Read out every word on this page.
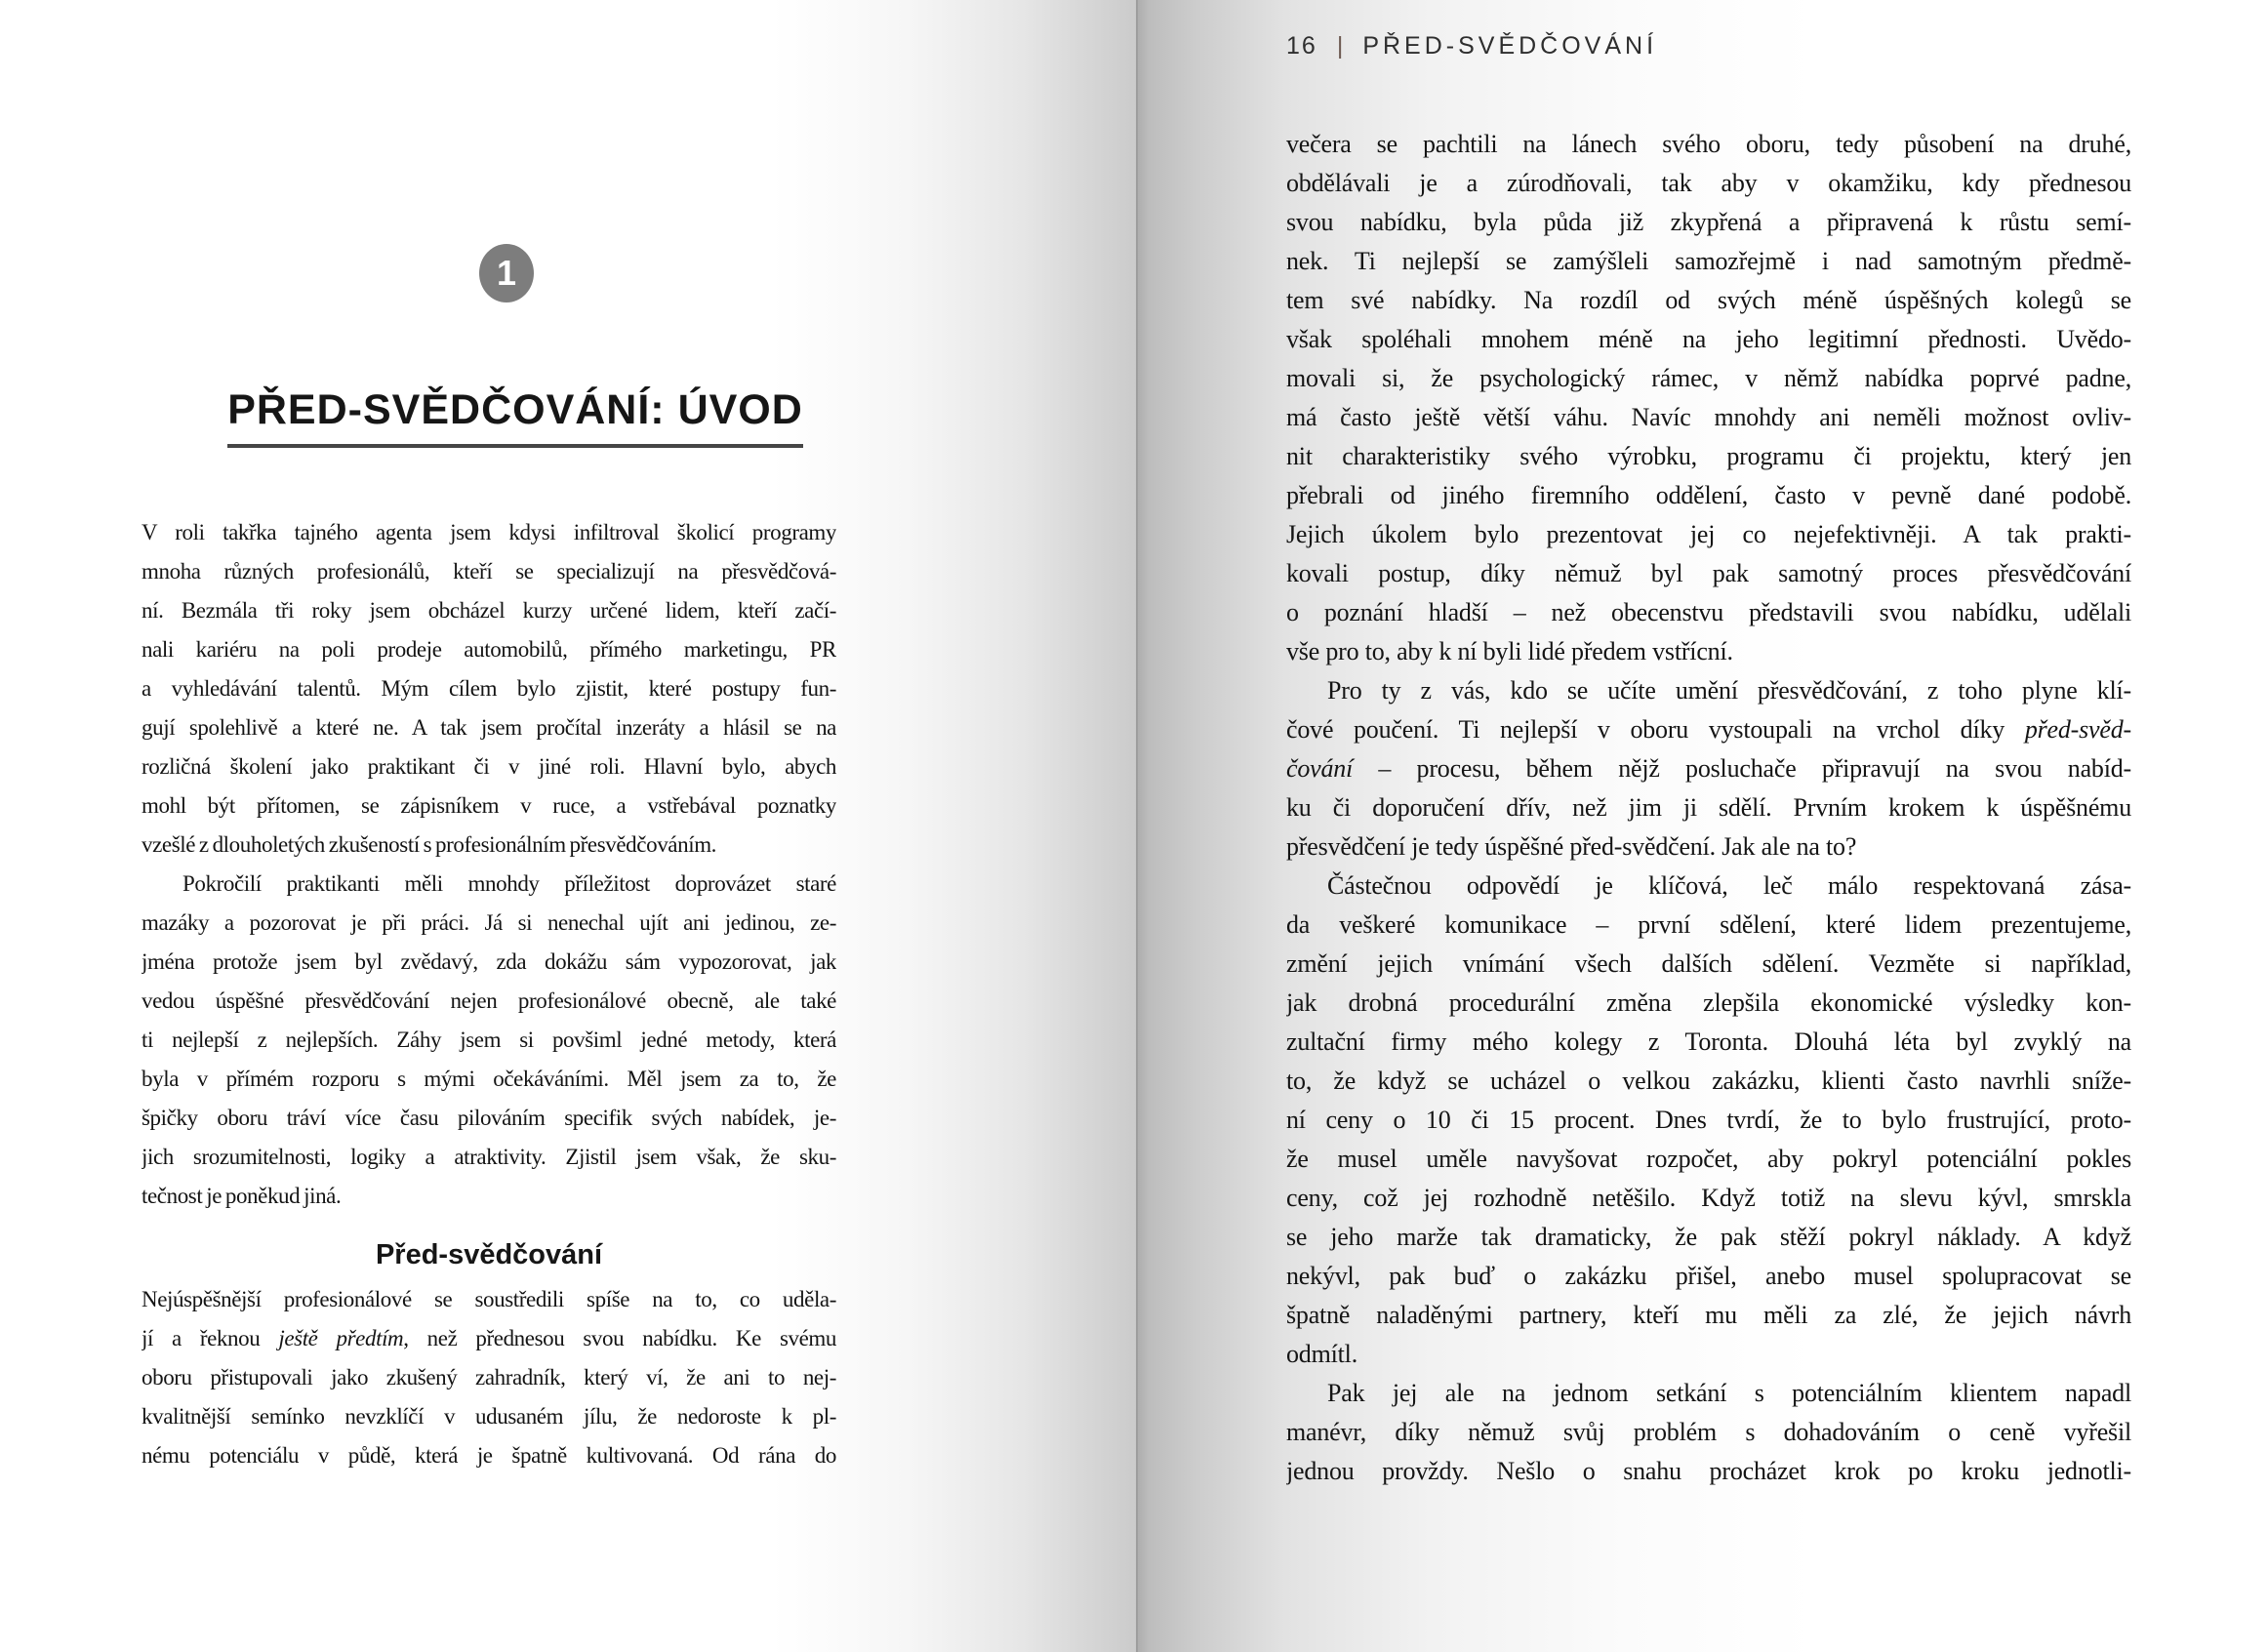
1
PŘED-SVĚDČOVÁNÍ: ÚVOD
V roli takřka tajného agenta jsem kdysi infiltroval školicí programy
mnoha různých profesionálů, kteří se specializují na přesvědčová-
ní. Bezmála tři roky jsem obcházel kurzy určené lidem, kteří začí-
nali kariéru na poli prodeje automobilů, přímého marketingu, PR
a vyhledávání talentů. Mým cílem bylo zjistit, které postupy fun-
gují spolehlivě a které ne. A tak jsem pročítal inzeráty a hlásil se na
rozličná školení jako praktikant či v jiné roli. Hlavní bylo, abych
mohl být přítomen, se zápisníkem v ruce, a vstřebával poznatky
vzešlé z dlouholetých zkušeností s profesionálním přesvědčováním.
Pokročilí praktikanti měli mnohdy příležitost doprovázet staré
mazáky a pozorovat je při práci. Já si nenechal ujít ani jedinou, ze-
jména protože jsem byl zvědavý, zda dokážu sám vypozorovat, jak
vedou úspěšné přesvědčování nejen profesionálové obecně, ale také
ti nejlepší z nejlepších. Záhy jsem si povšiml jedné metody, která
byla v přímém rozporu s mými očekáváními. Měl jsem za to, že
špičky oboru tráví více času pilováním specifik svých nabídek, je-
jich srozumitelnosti, logiky a atraktivity. Zjistil jsem však, že sku-
tečnost je poněkud jiná.
Před-svědčování
Nejúspěšnější profesionálové se soustředili spíše na to, co uděla-
jí a řeknou ještě předtím, než přednesou svou nabídku. Ke svému
oboru přistupovali jako zkušený zahradník, který ví, že ani to nej-
kvalitnější semínko nevzklíčí v udusaném jílu, že nedoroste k pl-
nému potenciálu v půdě, která je špatně kultivovaná. Od rána do
16 | PŘED-SVĚDČOVÁNÍ
večera se pachtili na lánech svého oboru, tedy působení na druhé,
obdělávali je a zúrodňovali, tak aby v okamžiku, kdy přednesou
svou nabídku, byla půda již zkypřená a připravená k růstu semí-
nek. Ti nejlepší se zamýšleli samozřejmě i nad samotným předmě-
tem své nabídky. Na rozdíl od svých méně úspěšných kolegů se
však spoléhali mnohem méně na jeho legitimní přednosti. Uvědo-
movali si, že psychologický rámec, v němž nabídka poprvé padne,
má často ještě větší váhu. Navíc mnohdy ani neměli možnost ovliv-
nit charakteristiky svého výrobku, programu či projektu, který jen
přebrali od jiného firemního oddělení, často v pevně dané podobě.
Jejich úkolem bylo prezentovat jej co nejefektivněji. A tak prakti-
kovali postup, díky němuž byl pak samotný proces přesvědčování
o poznání hladší – než obecenstvu představili svou nabídku, udělali
vše pro to, aby k ní byli lidé předem vstřícní.
Pro ty z vás, kdo se učíte umění přesvědčování, z toho plyne klí-
čové poučení. Ti nejlepší v oboru vystoupali na vrchol díky před-svěd-
čování – procesu, během nějž posluchače připravují na svou nabíd-
ku či doporučení dřív, než jim ji sdělí. Prvním krokem k úspěšnému
přesvědčení je tedy úspěšné před-svědčení. Jak ale na to?
Částečnou odpovědí je klíčová, leč málo respektovaná zása-
da veškeré komunikace – první sdělení, které lidem prezentujeme,
změní jejich vnímání všech dalších sdělení. Vezměte si například,
jak drobná procedurální změna zlepšila ekonomické výsledky kon-
zultační firmy mého kolegy z Toronta. Dlouhá léta byl zvyklý na
to, že když se ucházel o velkou zakázku, klienti často navrhli sníže-
ní ceny o 10 či 15 procent. Dnes tvrdí, že to bylo frustrující, proto-
že musel uměle navyšovat rozpočet, aby pokryl potenciální pokles
ceny, což jej rozhodně netěšilo. Když totiž na slevu kývl, smrskla
se jeho marže tak dramaticky, že pak stěží pokryl náklady. A když
nekývl, pak buď o zakázku přišel, anebo musel spolupracovat se
špatně naladěnými partnery, kteří mu měli za zlé, že jejich návrh
odmítl.
Pak jej ale na jednom setkání s potenciálním klientem napadl
manévr, díky němuž svůj problém s dohadováním o ceně vyřešil
jednou provždy. Nešlo o snahu procházet krok po kroku jednotli-
